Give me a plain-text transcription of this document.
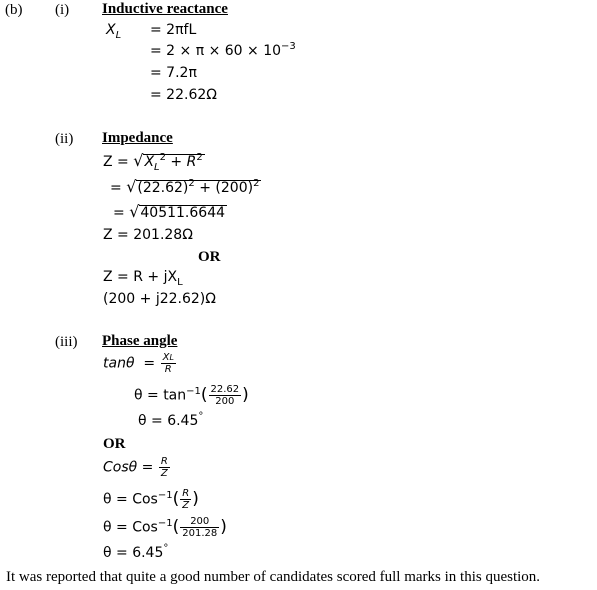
(b) (i) Inductive reactance
$X_L = 2\pi fL$
= $2 \times \pi \times 60 \times 10^{-3}$
= 7.2π
= 22.62Ω
(ii) Impedance
$Z = √X_L^2 + R^2$
= $√(22.62)^2 + (200)^2$
= √40511.6644
Z = 201.28Ω
OR
$Z = R + jX_L$
(200 + j22.62)Ω
(iii) Phase angle
$\tan\theta = \frac{XL}{R}$
$\theta = \tan^{-1}( \frac{22.62}{200}$ )
θ = 6.45°
OR
$Cos\theta = \frac{R}{Z}$
$\theta = Cos^{-1}( \frac{R}{Z}$ )
$\theta = Cos^{-1}( \frac{200}{201.28}$ )
θ = 6.45°
It was reported that quite a good number of candidates scored full marks in this question.
